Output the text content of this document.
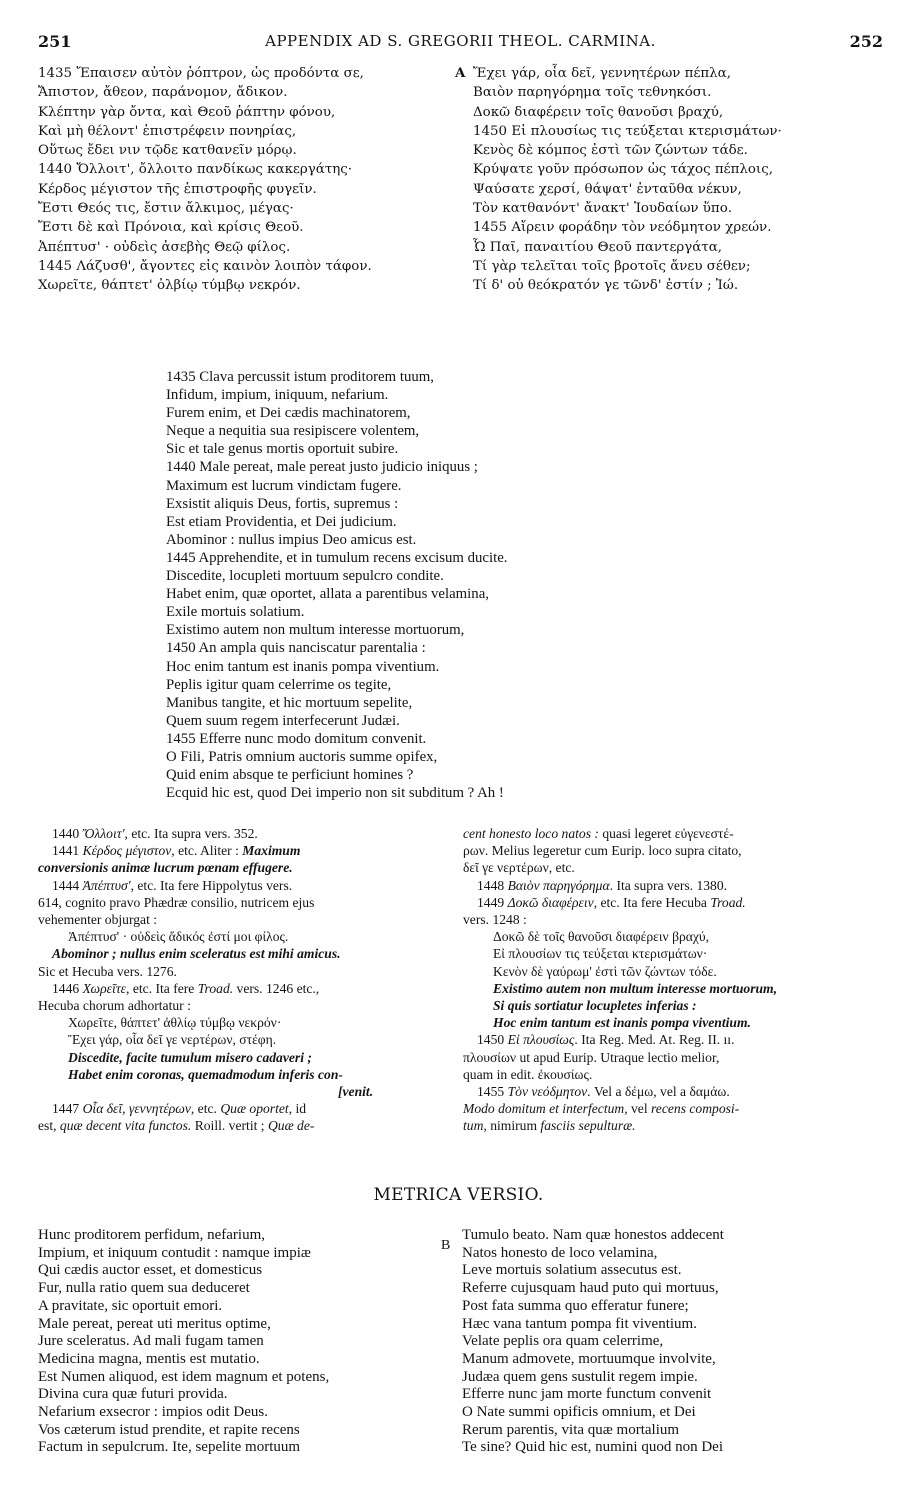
251	APPENDIX AD S. GREGORII THEOL. CARMINA.	252
1435 Ἔπαισεν αὐτὸν ῥόπτρον, ὡς προδόντα σε,
Ἄπιστον, ἄθεον, παράνομον, ἄδικον.
Κλέπτην γὰρ ὄντα, καὶ Θεοῦ ῥάπτην φόνου,
Καὶ μὴ θέλοντ' ἐπιστρέφειν πονηρίας,
Οὕτως ἔδει νιν τῷδε κατθανεῖν μόρῳ.
1440 Ὄλλοιτ', ὄλλοιτο πανδίκως κακεργάτης·
Κέρδος μέγιστον τῆς ἐπιστροφῆς φυγεῖν.
Ἔστι Θεός τις, ἔστιν ἄλκιμος, μέγας·
Ἔστι δὲ καὶ Πρόνοια, καὶ κρίσις Θεοῦ.
Ἀπέπτυσ' · οὐδεὶς ἀσεβὴς Θεῷ φίλος.
1445 Λάζυσθ', ἄγοντες εἰς καινὸν λοιπὸν τάφον.
Χωρεῖτε, θάπτετ' ὀλβίῳ τύμβῳ νεκρόν.
A Ἔχει γάρ, οἷα δεῖ, γεννητέρων πέπλα,
Βαιὸν παρηγόρημα τοῖς τεθνηκόσι.
Δοκῶ διαφέρειν τοῖς θανοῦσι βραχύ,
1450 Εἰ πλουσίως τις τεύξεται κτερισμάτων·
Κενὸς δὲ κόμπος ἐστὶ τῶν ζώντων τάδε.
Κρύψατε γοῦν πρόσωπον ὡς τάχος πέπλοις,
Ψαύσατε χερσί, θάψατ' ἐνταῦθα νέκυν,
Τὸν κατθανόντ' ἄνακτ' Ἰουδαίων ὕπο.
1455 Αἴρειν φοράδην τὸν νεόδμητον χρεών.
Ὦ Παῖ, παναιτίου Θεοῦ παντεργάτα,
Τί γὰρ τελεῖται τοῖς βροτοῖς ἄνευ σέθεν;
Τί δ' οὐ θεόκρατόν γε τῶνδ' ἐστίν ; Ἰώ.
1435 Clava percussit istum proditorem tuum,
Infidum, impium, iniquum, nefarium.
Furem enim, et Dei cædis machinatorem,
Neque a nequitia sua resipiscere volentem,
Sic et tale genus mortis oportuit subire.
1440 Male pereat, male pereat justo judicio iniquus ;
Maximum est lucrum vindictam fugere.
Exsistit aliquis Deus, fortis, supremus :
Est etiam Providentia, et Dei judicium.
Abominor : nullus impius Deo amicus est.
1445 Apprehendite, et in tumulum recens excisum ducite.
Discedite, locupleti mortuum sepulcro condite.
Habet enim, quæ oportet, allata a parentibus velamina,
Exile mortuis solatium.
Existimo autem non multum interesse mortuorum,
1450 An ampla quis nanciscatur parentalia :
Hoc enim tantum est inanis pompa viventium.
Peplis igitur quam celerrime os tegite,
Manibus tangite, et hic mortuum sepelite,
Quem suum regem interfecerunt Judæi.
1455 Efferre nunc modo domitum convenit.
O Fili, Patris omnium auctoris summe opifex,
Quid enim absque te perficiunt homines ?
Ecquid hic est, quod Dei imperio non sit subditum ? Ah !
1440 Ὄλλοιτ', etc. Ita supra vers. 352.
1441 Κέρδος μέγιστον, etc. Aliter : Maximum
conversionis animæ lucrum pœnam effugere.
1444 Ἀπέπτυσ', etc. Ita fere Hippolytus vers.
614, cognito pravo Phædræ consilio, nutricem ejus
vehementer objurgat :
Ἀπέπτυσ' · οὐδεὶς ἄδικός ἐστί μοι φίλος.
Abominor ; nullus enim sceleratus est mihi amicus.
Sic et Hecuba vers. 1276.
1446 Χωρεῖτε, etc. Ita fere Troad. vers. 1246 etc.,
Hecuba chorum adhortatur :
Χωρεῖτε, θάπτετ' ἀθλίῳ τύμβῳ νεκρόν·
Ἔχει γάρ, οἷα δεῖ γε νερτέρων, στέφη.
Discedite, facite tumulum misero cadaveri ;
Habet enim coronas, quemadmodum inferis con-
[venit.
1447 Οἷα δεῖ, γεννητέρων, etc. Quæ oportet, id
est, quæ decent vita functos. Roill. vertit ; Quæ de-
cent honesto loco natos : quasi legeret εὐγενεστέ-
ρων. Melius legeretur cum Eurip. loco supra citato,
δεῖ γε νερτέρων, etc.
1448 Βαιὸν παρηγόρημα. Ita supra vers. 1380.
1449 Δοκῶ διαφέρειν, etc. Ita fere Hecuba Troad.
vers. 1248 :
Δοκῶ δὲ τοῖς θανοῦσι διαφέρειν βραχύ,
Εἰ πλουσίων τις τεύξεται κτερισμάτων·
Κενὸν δὲ γαύρωμ' ἐστὶ τῶν ζώντων τόδε.
Existimo autem non multum interesse mortuorum,
Si quis sortiatur locupletes inferias :
Hoc enim tantum est inanis pompa viventium.
1450 Εἰ πλουσίως. Ita Reg. Med. At. Reg. II. ıı.
πλουσίων ut apud Eurip. Utraque lectio melior,
quam in edit. ἐκουσίως.
1455 Τὸν νεόδμητον. Vel a δέμω, vel a δαμάω.
Modo domitum et interfectum, vel recens composi-
tum, nimirum fasciis sepulturæ.
METRICA VERSIO.
Hunc proditorem perfidum, nefarium,
Impium, et iniquum contudit : namque impiæ
Qui cædis auctor esset, et domesticus
Fur, nulla ratio quem sua deduceret
A pravitate, sic oportuit emori.
Male pereat, pereat uti meritus optime,
Jure sceleratus. Ad mali fugam tamen
Medicina magna, mentis est mutatio.
Est Numen aliquod, est idem magnum et potens,
Divina cura quæ futuri provida.
Nefarium exsecror : impios odit Deus.
Vos cæterum istud prendite, et rapite recens
Factum in sepulcrum. Ite, sepelite mortuum
B
Tumulo beato. Nam quæ honestos addecent
Natos honesto de loco velamina,
Leve mortuis solatium assecutus est.
Referre cujusquam haud puto qui mortuus,
Post fata summa quo efferatur funere;
Hæc vana tantum pompa fit viventium.
Velate peplis ora quam celerrime,
Manum admovete, mortuumque involvite,
Judæa quem gens sustulit regem impie.
Efferre nunc jam morte functum convenit
O Nate summi opificis omnium, et Dei
Rerum parentis, vita quæ mortalium
Te sine? Quid hic est, numini quod non Dei
